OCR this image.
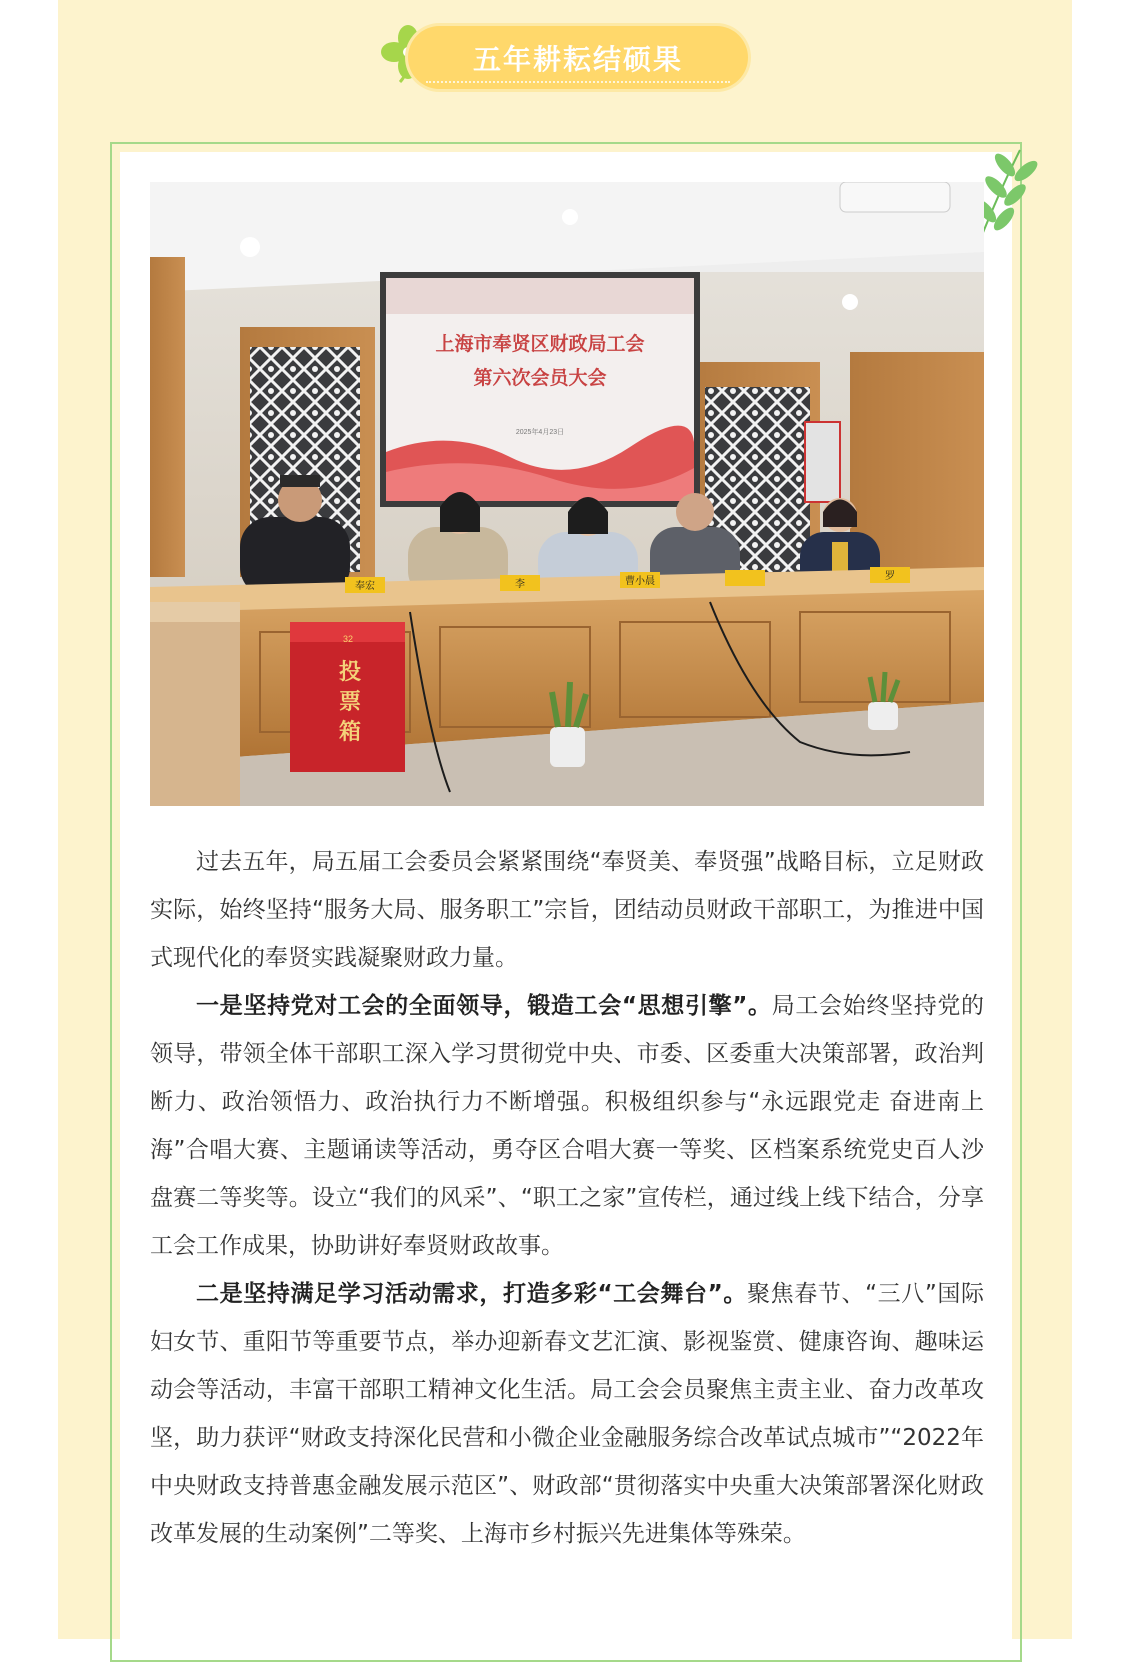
五年耕耘结硕果
上海市奉贤区财政局工会
第六次会员大会
2025年4月23日
奉宏	李	曹小晨	罗
32
投
票
箱

过去五年，局五届工会委员会紧紧围绕“奉贤美、奉贤强”战略目标，立足财政实际，始终坚持“服务大局、服务职工”宗旨，团结动员财政干部职工，为推进中国式现代化的奉贤实践凝聚财政力量。

一是坚持党对工会的全面领导，锻造工会“思想引擎”。局工会始终坚持党的领导，带领全体干部职工深入学习贯彻党中央、市委、区委重大决策部署，政治判断力、政治领悟力、政治执行力不断增强。积极组织参与“永远跟党走 奋进南上海”合唱大赛、主题诵读等活动，勇夺区合唱大赛一等奖、区档案系统党史百人沙盘赛二等奖等。设立“我们的风采”、“职工之家”宣传栏，通过线上线下结合，分享工会工作成果，协助讲好奉贤财政故事。

二是坚持满足学习活动需求，打造多彩“工会舞台”。聚焦春节、“三八”国际妇女节、重阳节等重要节点，举办迎新春文艺汇演、影视鉴赏、健康咨询、趣味运动会等活动，丰富干部职工精神文化生活。局工会会员聚焦主责主业、奋力改革攻坚，助力获评“财政支持深化民营和小微企业金融服务综合改革试点城市”“2022年中央财政支持普惠金融发展示范区”、财政部“贯彻落实中央重大决策部署深化财政改革发展的生动案例”二等奖、上海市乡村振兴先进集体等殊荣。
